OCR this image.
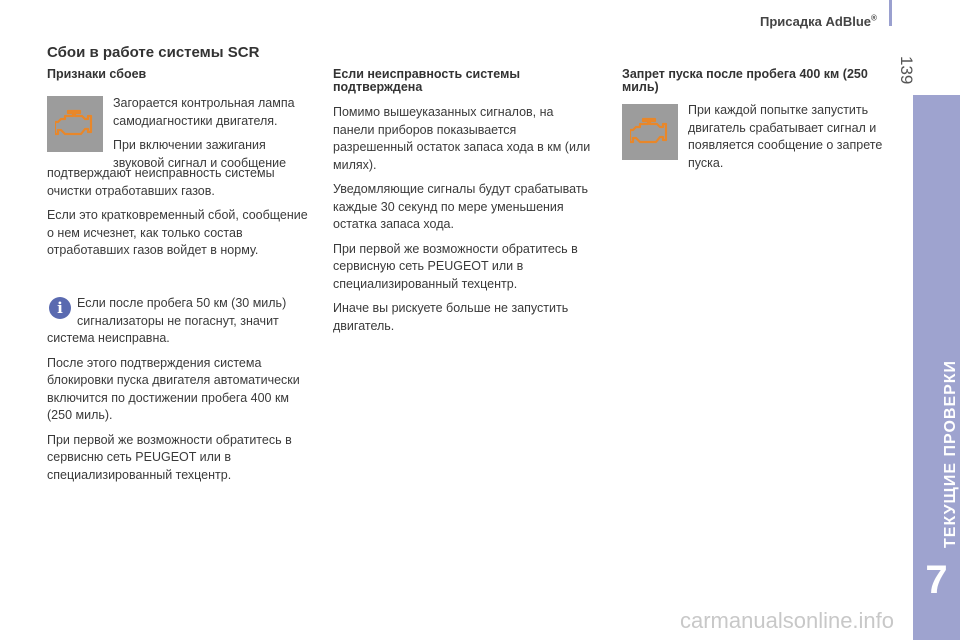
Присадка AdBlue®
139
ТЕКУЩИЕ ПРОВЕРКИ
7
Сбои в работе системы SCR
Признаки сбоев

Загорается контрольная лампа самодиагностики двигателя.

При включении зажигания
звуковой сигнал и сообщение

подтверждают неисправность системы очистки отработавших газов.

Если это кратковременный сбой, сообщение о нем исчезнет, как только состав отработавших газов войдет в норму.

i	Если после пробега 50 км (30 миль)
сигнализаторы не погаснут, значит

система неисправна.

После этого подтверждения система блокировки пуска двигателя автоматически включится по достижении пробега 400 км (250 миль).

При первой же возможности обратитесь в сервисню сеть PEUGEOT или в специализированный техцентр.

Если неисправность системы подтверждена

Помимо вышеуказанных сигналов, на панели приборов показывается разрешенный остаток запаса хода в км (или милях).

Уведомляющие сигналы будут срабатывать каждые 30 секунд по мере уменьшения остатка запаса хода.

При первой же возможности обратитесь в сервисную сеть PEUGEOT или в специализированный техцентр.

Иначе вы рискуете больше не запустить двигатель.

Запрет пуска после пробега 400 км (250 миль)

При каждой попытке запустить двигатель срабатывает сигнал и появляется сообщение о запрете пуска.

carmanualsonline.info
